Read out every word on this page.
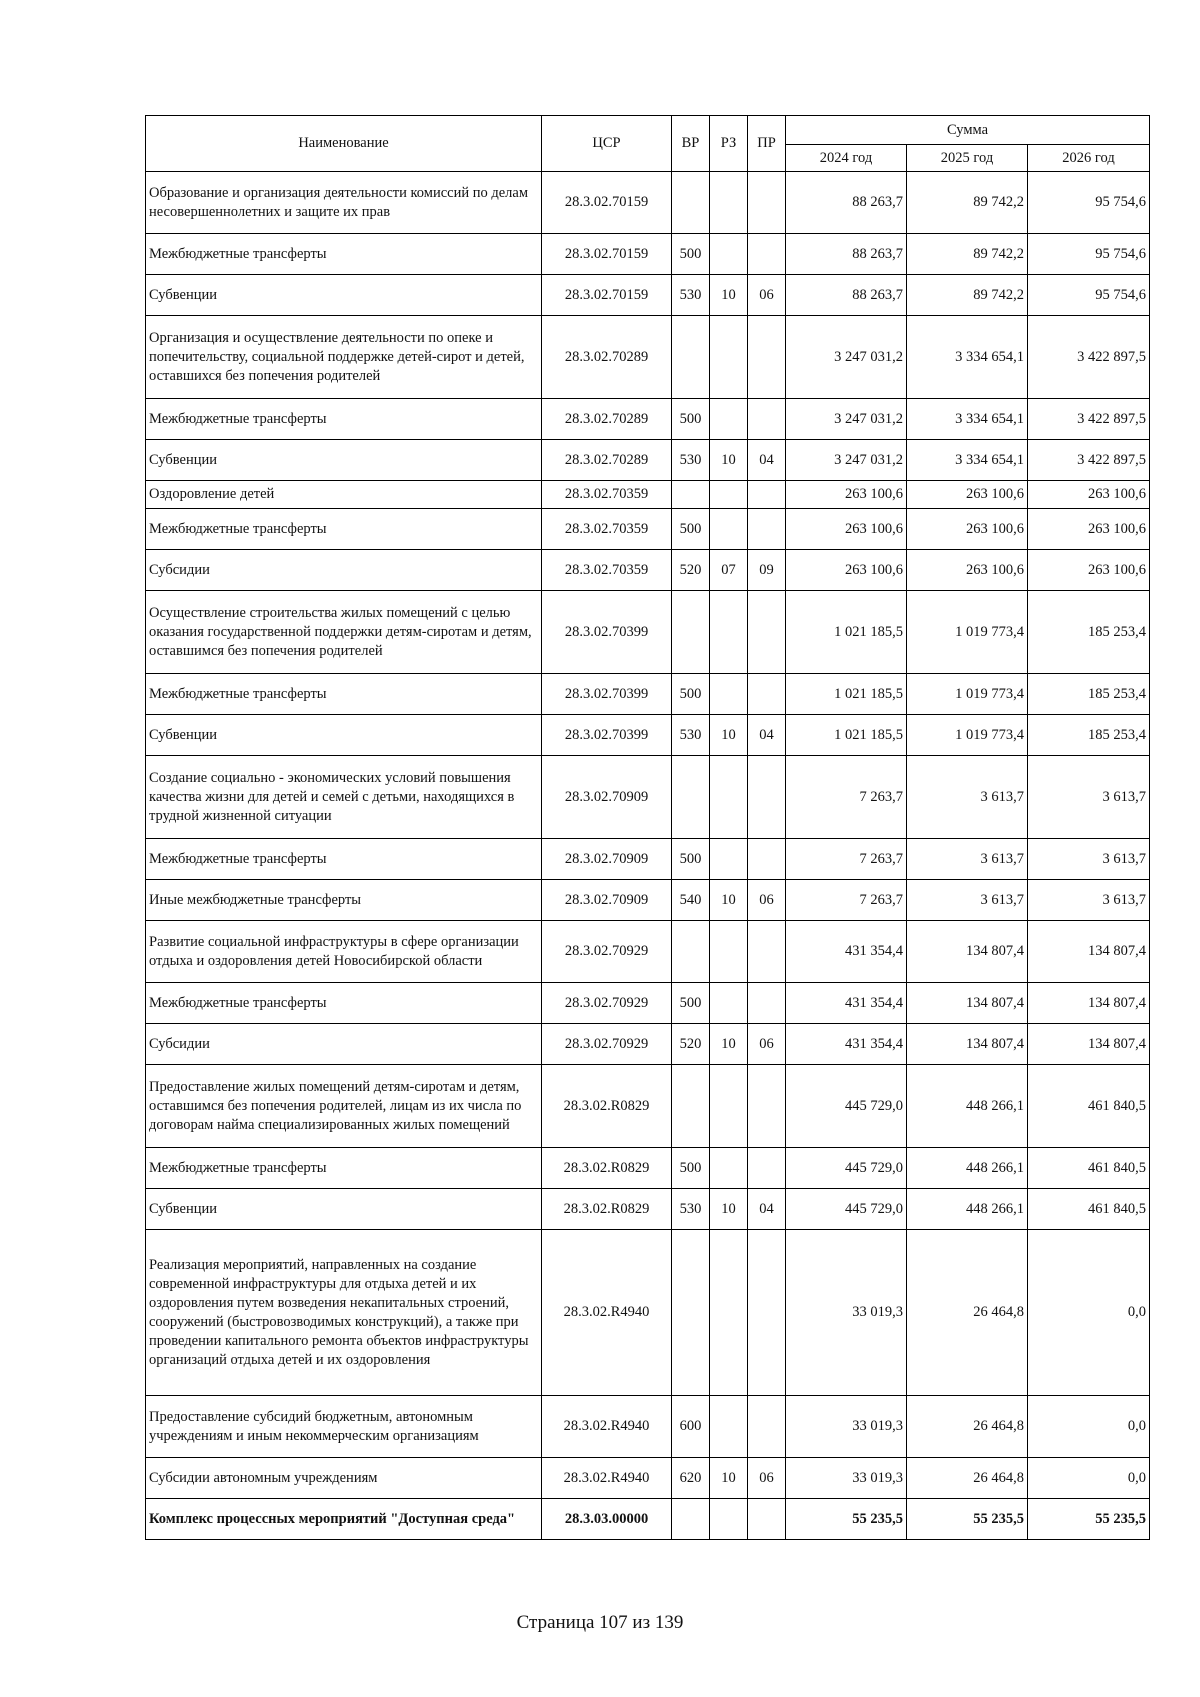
Наименование	ЦСР	ВР	РЗ	ПР	Сумма		
					2024 год	2025 год	2026 год
Образование и организация деятельности комиссий по делам несовершеннолетних и защите их прав	28.3.02.70159				88 263,7	89 742,2	95 754,6
Межбюджетные трансферты	28.3.02.70159	500			88 263,7	89 742,2	95 754,6
Субвенции	28.3.02.70159	530	10	06	88 263,7	89 742,2	95 754,6
Организация и осуществление деятельности по опеке и попечительству, социальной поддержке детей-сирот и детей, оставшихся без попечения родителей	28.3.02.70289				3 247 031,2	3 334 654,1	3 422 897,5
Межбюджетные трансферты	28.3.02.70289	500			3 247 031,2	3 334 654,1	3 422 897,5
Субвенции	28.3.02.70289	530	10	04	3 247 031,2	3 334 654,1	3 422 897,5
Оздоровление детей	28.3.02.70359				263 100,6	263 100,6	263 100,6
Межбюджетные трансферты	28.3.02.70359	500			263 100,6	263 100,6	263 100,6
Субсидии	28.3.02.70359	520	07	09	263 100,6	263 100,6	263 100,6
Осуществление строительства жилых помещений с целью оказания государственной поддержки детям-сиротам и детям, оставшимся без попечения родителей	28.3.02.70399				1 021 185,5	1 019 773,4	185 253,4
Межбюджетные трансферты	28.3.02.70399	500			1 021 185,5	1 019 773,4	185 253,4
Субвенции	28.3.02.70399	530	10	04	1 021 185,5	1 019 773,4	185 253,4
Создание социально - экономических условий повышения качества жизни для детей и семей с детьми, находящихся в трудной жизненной ситуации	28.3.02.70909				7 263,7	3 613,7	3 613,7
Межбюджетные трансферты	28.3.02.70909	500			7 263,7	3 613,7	3 613,7
Иные межбюджетные трансферты	28.3.02.70909	540	10	06	7 263,7	3 613,7	3 613,7
Развитие социальной инфраструктуры в сфере организации отдыха и оздоровления детей Новосибирской области	28.3.02.70929				431 354,4	134 807,4	134 807,4
Межбюджетные трансферты	28.3.02.70929	500			431 354,4	134 807,4	134 807,4
Субсидии	28.3.02.70929	520	10	06	431 354,4	134 807,4	134 807,4
Предоставление жилых помещений детям-сиротам и детям, оставшимся без попечения родителей, лицам из их числа по договорам найма специализированных жилых помещений	28.3.02.R0829				445 729,0	448 266,1	461 840,5
Межбюджетные трансферты	28.3.02.R0829	500			445 729,0	448 266,1	461 840,5
Субвенции	28.3.02.R0829	530	10	04	445 729,0	448 266,1	461 840,5
Реализация мероприятий, направленных на создание современной инфраструктуры для отдыха детей и их оздоровления путем возведения некапитальных строений, сооружений (быстровозводимых конструкций), а также при проведении капитального ремонта объектов инфраструктуры организаций отдыха детей и их оздоровления	28.3.02.R4940				33 019,3	26 464,8	0,0
Предоставление субсидий бюджетным, автономным учреждениям и иным некоммерческим организациям	28.3.02.R4940	600			33 019,3	26 464,8	0,0
Субсидии автономным учреждениям	28.3.02.R4940	620	10	06	33 019,3	26 464,8	0,0
Комплекс процессных мероприятий "Доступная среда"	28.3.03.00000				55 235,5	55 235,5	55 235,5
Страница 107 из 139
